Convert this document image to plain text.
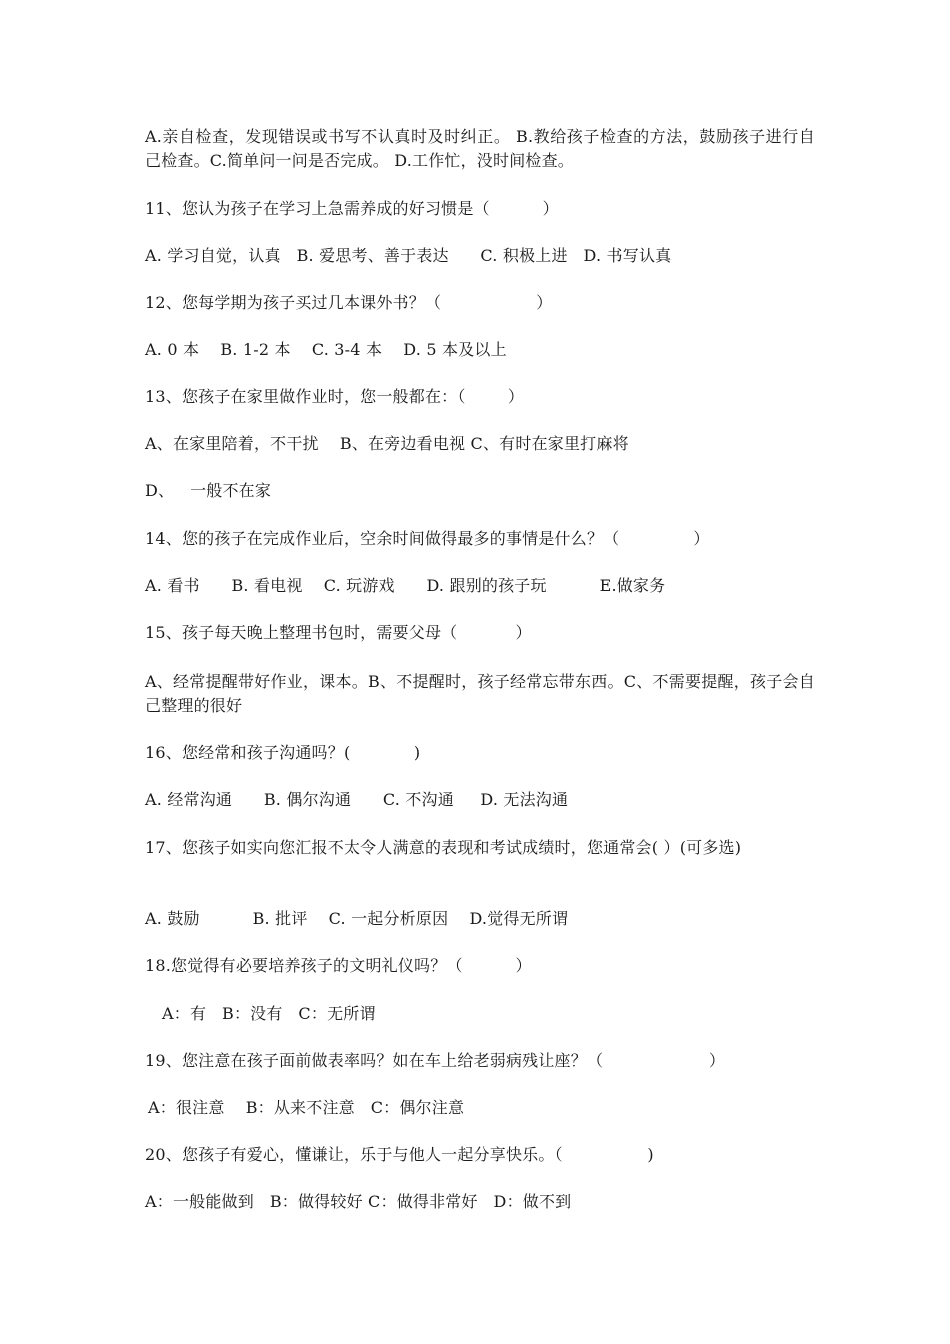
A.亲自检查，发现错误或书写不认真时及时纠正。 B.教给孩子检查的方法，鼓励孩子进行自己检查。C.简单问一问是否完成。 D.工作忙，没时间检查。
11、您认为孩子在学习上急需养成的好习惯是（          ）
A. 学习自觉，认真   B. 爱思考、善于表达      C. 积极上进   D. 书写认真
12、您每学期为孩子买过几本课外书？（                  ）
A. 0 本    B. 1-2 本    C. 3-4 本    D. 5 本及以上
13、您孩子在家里做作业时，您一般都在：（        ）
A、在家里陪着，不干扰    B、在旁边看电视 C、有时在家里打麻将
D、   一般不在家
14、您的孩子在完成作业后，空余时间做得最多的事情是什么？（              ）
A. 看书      B. 看电视    C. 玩游戏      D. 跟别的孩子玩          E.做家务
15、孩子每天晚上整理书包时，需要父母（           ）
A、经常提醒带好作业，课本。B、不提醒时，孩子经常忘带东西。C、不需要提醒，孩子会自己整理的很好
16、您经常和孩子沟通吗？(            )
A. 经常沟通      B. 偶尔沟通      C. 不沟通     D. 无法沟通
17、您孩子如实向您汇报不太令人满意的表现和考试成绩时，您通常会( ）(可多选)
A. 鼓励          B. 批评    C. 一起分析原因    D.觉得无所谓
18.您觉得有必要培养孩子的文明礼仪吗？（          ）
A：有   B：没有   C：无所谓
19、您注意在孩子面前做表率吗？如在车上给老弱病残让座？（                    ）
A：很注意    B：从来不注意   C：偶尔注意
20、您孩子有爱心，懂谦让，乐于与他人一起分享快乐。（                )
A：一般能做到   B：做得较好 C：做得非常好   D：做不到
